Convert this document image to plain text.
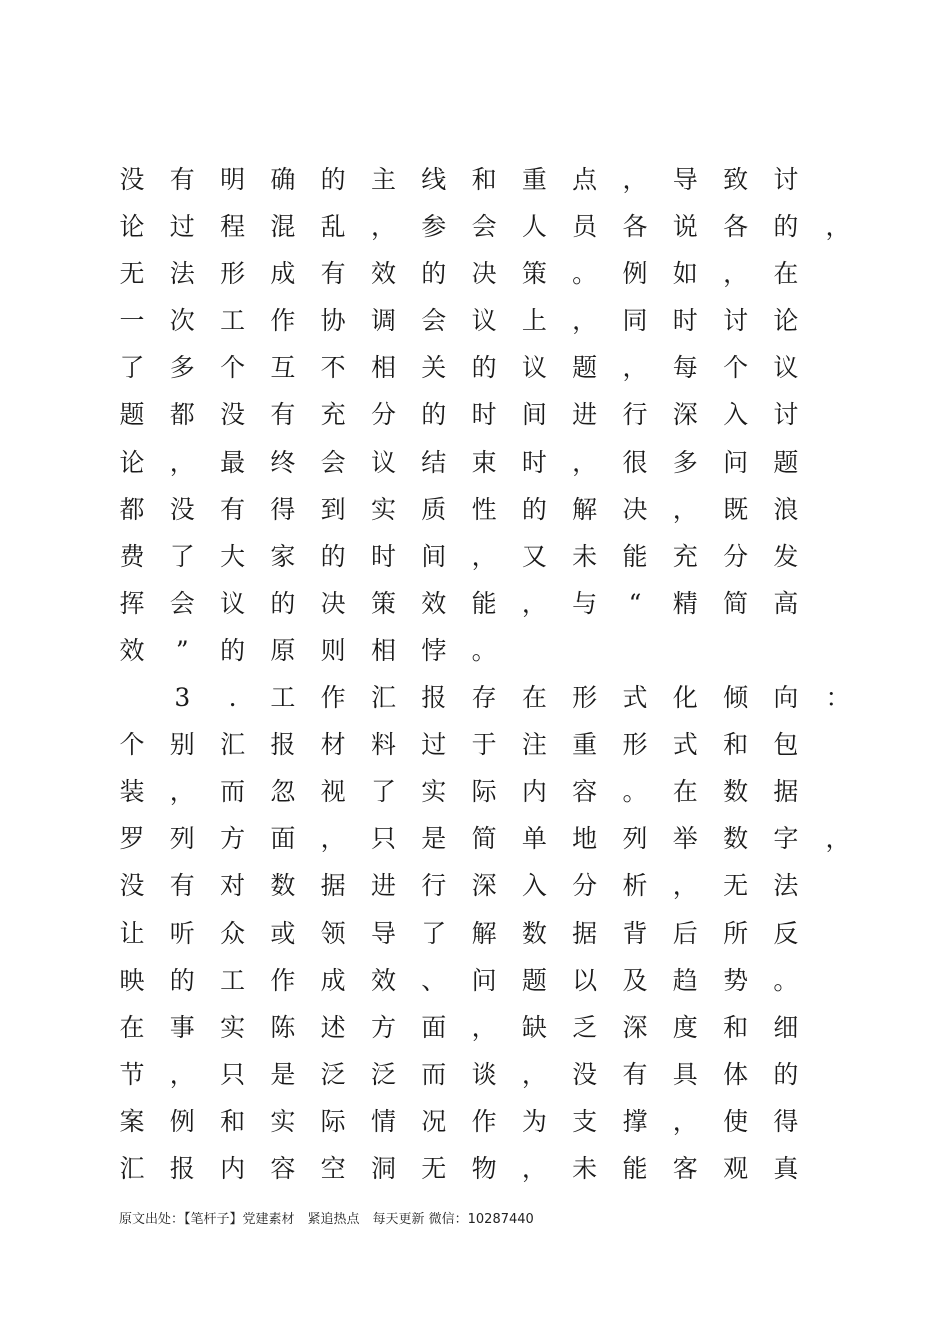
没	有	明	确	的	主	线	和	重	点	，	导	致	讨
论	过	程	混	乱	，	参	会	人	员	各	说	各	的	，
无	法	形	成	有	效	的	决	策	。	例	如	，	在
一	次	工	作	协	调	会	议	上	，	同	时	讨	论
了	多	个	互	不	相	关	的	议	题	，	每	个	议
题	都	没	有	充	分	的	时	间	进	行	深	入	讨
论	，	最	终	会	议	结	束	时	，	很	多	问	题
都	没	有	得	到	实	质	性	的	解	决	，	既	浪
费	了	大	家	的	时	间	，	又	未	能	充	分	发
挥	会	议	的	决	策	效	能	，	与	“	精	简	高
效	”	的	原	则	相	悖	。

3	.	工	作	汇	报	存	在	形	式	化	倾	向	：
个	别	汇	报	材	料	过	于	注	重	形	式	和	包
装	，	而	忽	视	了	实	际	内	容	。	在	数	据
罗	列	方	面	，	只	是	简	单	地	列	举	数	字	，
没	有	对	数	据	进	行	深	入	分	析	，	无	法
让	听	众	或	领	导	了	解	数	据	背	后	所	反
映	的	工	作	成	效	、	问	题	以	及	趋	势	。
在	事	实	陈	述	方	面	，	缺	乏	深	度	和	细
节	，	只	是	泛	泛	而	谈	，	没	有	具	体	的
案	例	和	实	际	情	况	作	为	支	撑	，	使	得
汇	报	内	容	空	洞	无	物	，	未	能	客	观	真
原文出处：【笔杆子】党建素材　紧追热点　每天更新 微信：10287440
